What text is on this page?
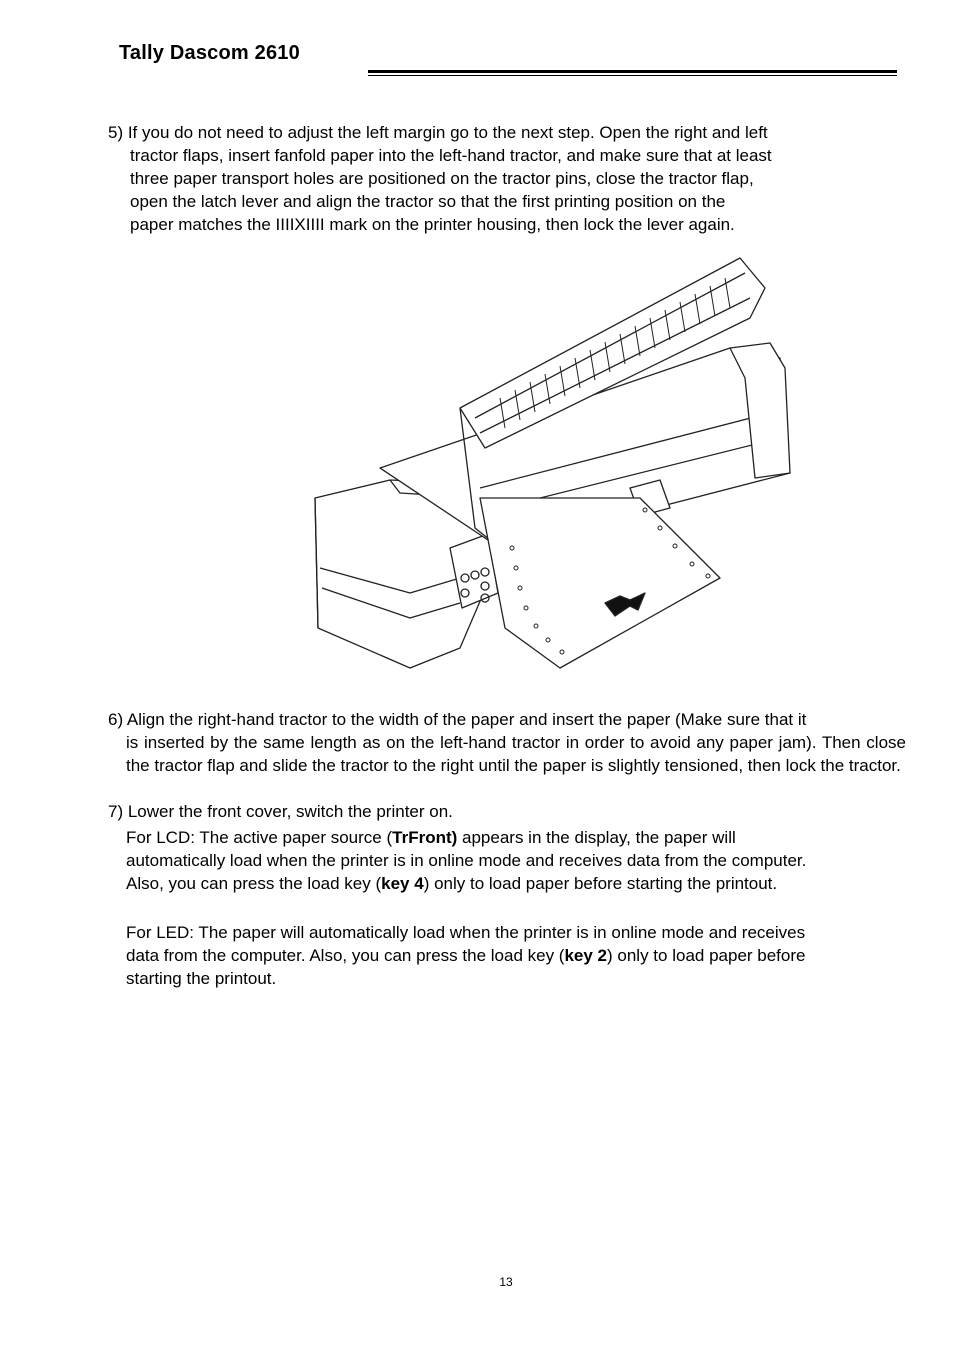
Tally Dascom 2610
5) If you do not need to adjust the left margin go to the next step. Open the right and left
tractor flaps, insert fanfold paper into the left-hand tractor, and make sure that at least
three paper transport holes are positioned on the tractor pins, close the tractor flap,
open the latch lever and align the tractor so that the first printing position on the
paper matches the IIIIXIIII mark on the printer housing, then lock the lever again.

6) Align the right-hand tractor to the width of the paper and insert the paper (Make sure that it
is inserted by the same length as on the left-hand tractor in order to avoid any paper jam). Then close the tractor flap and slide the tractor to the right until the paper is slightly tensioned, then lock the tractor.

7) Lower the front cover, switch the printer on.

For LCD: The active paper source (TrFront) appears in the display, the paper will automatically load when the printer is in online mode and receives data from the computer. Also, you can press the load key (key 4) only to load paper before starting the printout.

For LED: The paper will automatically load when the printer is in online mode and receives data from the computer. Also, you can press the load key (key 2) only to load paper before starting the printout.

13
